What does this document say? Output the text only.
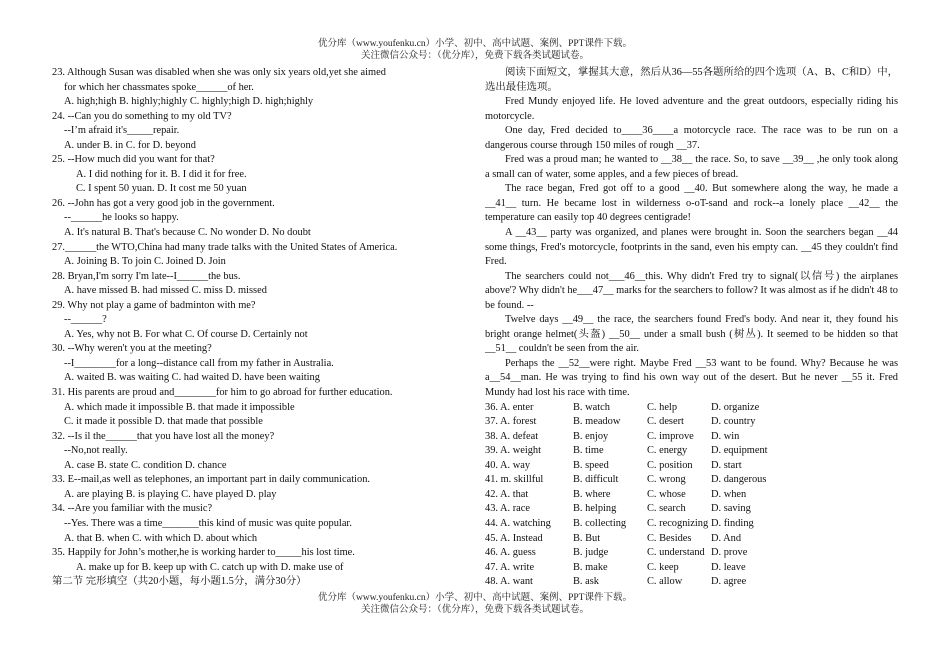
优分库（www.youfenku.cn）小学、初中、高中试题、案例、PPT课件下载。
关注微信公众号：（优分库），免费下载各类试题试卷。
23. Although Susan was disabled when she was only six years old,yet she aimed
for which her chassmates spoke______of her.
A. high;high B. highly;highly C. highly;high D. high;highly
24. --Can you do something to my old TV?
--I’m afraid it's_____repair.
A. under B. in C. for D. beyond
25. --How much did you want for that?
A. I did nothing for it. B. I did it for free.
C. I spent 50 yuan. D. It cost me 50 yuan
26. --John has got a very good job in the government.
--______he looks so happy.
A. It's natural B. That's because C. No wonder D. No doubt
27.______the WTO,China had many trade talks with the United States of America.
A. Joining B. To join C. Joined D. Join
28. Bryan,I'm sorry I'm late--I______the bus.
A. have missed B. had missed C. miss D. missed
29. Why not play a game of badminton with me?
--______?
A. Yes, why not B. For what C. Of course D. Certainly not
30. --Why weren't you at the meeting?
--I________for a long--distance call from my father in Australia.
A. waited B. was waiting C. had waited D. have been waiting
31. His parents are proud and________for him to go abroad for further education.
A. which made it impossible B. that made it impossible
C. it made it possible D. that made that possible
32. --Is il the______that you have lost all the money?
--No,not really.
A. case B. state C. condition D. chance
33. E--mail,as well as telephones, an important part in daily communication.
A. are playing B. is playing C. have played D. play
34. --Are you familiar with the music?
--Yes. There was a time_______this kind of music was quite popular.
A. that B. when C. with which D. about which
35. Happily for John’s mother,he is working harder to_____his lost time.
A. make up for B. keep up with C. catch up with D. make use of
第二节 完形填空（共20小题，每小题1.5分，满分30分）

阅读下面短文，掌握其大意，然后从36—55各题所给的四个选项（A、B、C和D）中，选出最佳选项。

Fred Mundy enjoyed life. He loved adventure and the great outdoors, especially riding his motorcycle.

One day, Fred decided to____36____a motorcycle race. The race was to be run on a dangerous course through 150 miles of rough __37.

Fred was a proud man; he wanted to __38__ the race. So, to save __39__ ,he only took along a small can of water, some apples, and a few pieces of bread.

The race began, Fred got off to a good __40. But somewhere along the way, he made a __41__ turn. He became lost in wilderness o-oT-sand and rock--a lonely place __42__ the temperature can easily top 40 degrees centigrade!

A __43__ party was organized, and planes were brought in. Soon the searchers began __44 some things, Fred's motorcycle, footprints in the sand, even his empty can. __45 they couldn't find Fred.

The searchers could not___46__this. Why didn't Fred try to signal(以信号) the airplanes above'? Why didn't he___47__ marks for the searchers to follow? It was almost as if he didn't 48 to be found. --

Twelve days __49__ the race, the searchers found Fred's body. And near it, they found his bright orange helmet(头盔) __50__ under a small bush (树丛). It seemed to be hidden so that __51__ couldn't be seen from the air.

Perhaps the __52__were right. Maybe Fred __53 want to be found. Why? Because he was a__54__man. He was trying to find his own way out of the desert. But he never __55 it. Fred Mundy had lost his race with time.

36. A. enter	B. watch	C. help	D. organize
37. A. forest	B. meadow	C. desert	D. country
38. A. defeat	B. enjoy	C. improve	D. win
39. A. weight	B. time	C. energy	D. equipment
40. A. way	B. speed	C. position	D. start
41. m. skillful	B. difficult	C. wrong	D. dangerous
42. A. that	B. where	C. whose	D. when
43. A. race	B. helping	C. search	D. saving
44. A. watching	B. collecting	C. recognizing D. finding
45. A. Instead	B. But	C. Besides	D. And
46. A. guess	B. judge	C. understand D. prove
47. A. write	B. make	C. keep	D. leave
48. A. want	B. ask	C. allow	D. agree
优分库（www.youfenku.cn）小学、初中、高中试题、案例、PPT课件下载。
关注微信公众号：（优分库），免费下载各类试题试卷。
